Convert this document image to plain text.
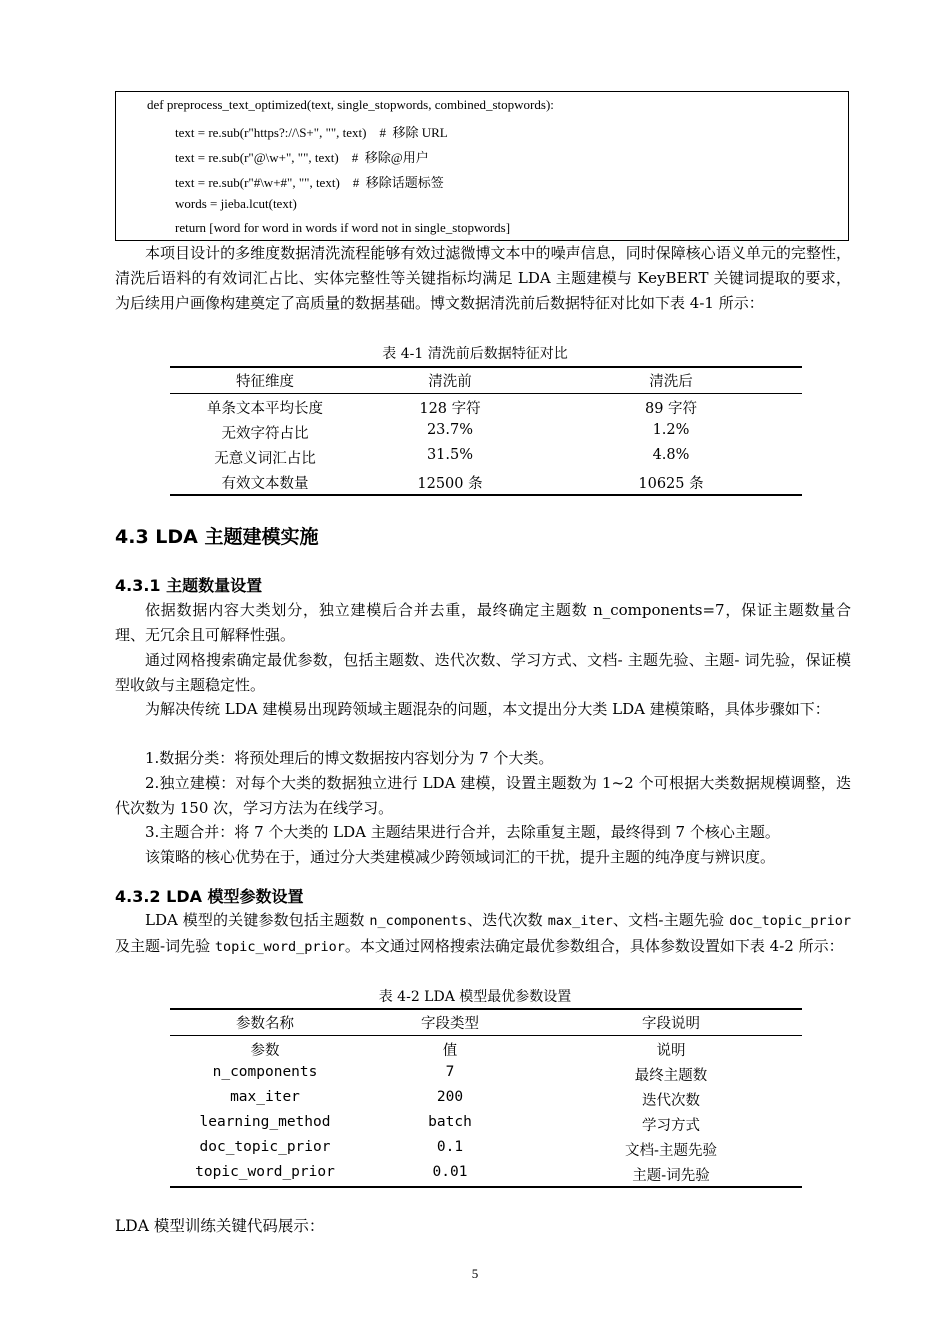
def preprocess_text_optimized(text, single_stopwords, combined_stopwords):
text = re.sub(r"https?://\S+", "", text)    #  移除 URL
text = re.sub(r"@\w+", "", text)    #  移除@用户
text = re.sub(r"#\w+#", "", text)    #  移除话题标签
words = jieba.lcut(text)
return [word for word in words if word not in single_stopwords]
本项目设计的多维度数据清洗流程能够有效过滤微博文本中的噪声信息，同时保障核心语义单元的完整性，清洗后语料的有效词汇占比、实体完整性等关键指标均满足 LDA 主题建模与 KeyBERT 关键词提取的要求，为后续用户画像构建奠定了高质量的数据基础。博文数据清洗前后数据特征对比如下表 4-1 所示：
表 4-1 清洗前后数据特征对比
特征维度	清洗前	清洗后
单条文本平均长度	128 字符	89 字符
无效字符占比	23.7%	1.2%
无意义词汇占比	31.5%	4.8%
有效文本数量	12500 条	10625 条
4.3 LDA 主题建模实施
4.3.1 主题数量设置
依据数据内容大类划分，独立建模后合并去重，最终确定主题数 n_components=7，保证主题数量合理、无冗余且可解释性强。
通过网格搜索确定最优参数，包括主题数、迭代次数、学习方式、文档- 主题先验、主题- 词先验，保证模型收敛与主题稳定性。
为解决传统 LDA 建模易出现跨领域主题混杂的问题，本文提出分大类 LDA 建模策略，具体步骤如下：
1.数据分类：将预处理后的博文数据按内容划分为 7 个大类。
2.独立建模：对每个大类的数据独立进行 LDA 建模，设置主题数为 1~2 个可根据大类数据规模调整，迭代次数为 150 次，学习方法为在线学习。
3.主题合并：将 7 个大类的 LDA 主题结果进行合并，去除重复主题，最终得到 7 个核心主题。
该策略的核心优势在于，通过分大类建模减少跨领域词汇的干扰，提升主题的纯净度与辨识度。
4.3.2 LDA 模型参数设置
LDA 模型的关键参数包括主题数 n_components、迭代次数 max_iter、文档-主题先验 doc_topic_prior 及主题-词先验 topic_word_prior。本文通过网格搜索法确定最优参数组合，具体参数设置如下表 4-2 所示：
表 4-2 LDA 模型最优参数设置
参数名称	字段类型	字段说明
参数	值	说明
n_components	7	最终主题数
max_iter	200	迭代次数
learning_method	batch	学习方式
doc_topic_prior	0.1	文档-主题先验
topic_word_prior	0.01	主题-词先验
LDA 模型训练关键代码展示：
5
